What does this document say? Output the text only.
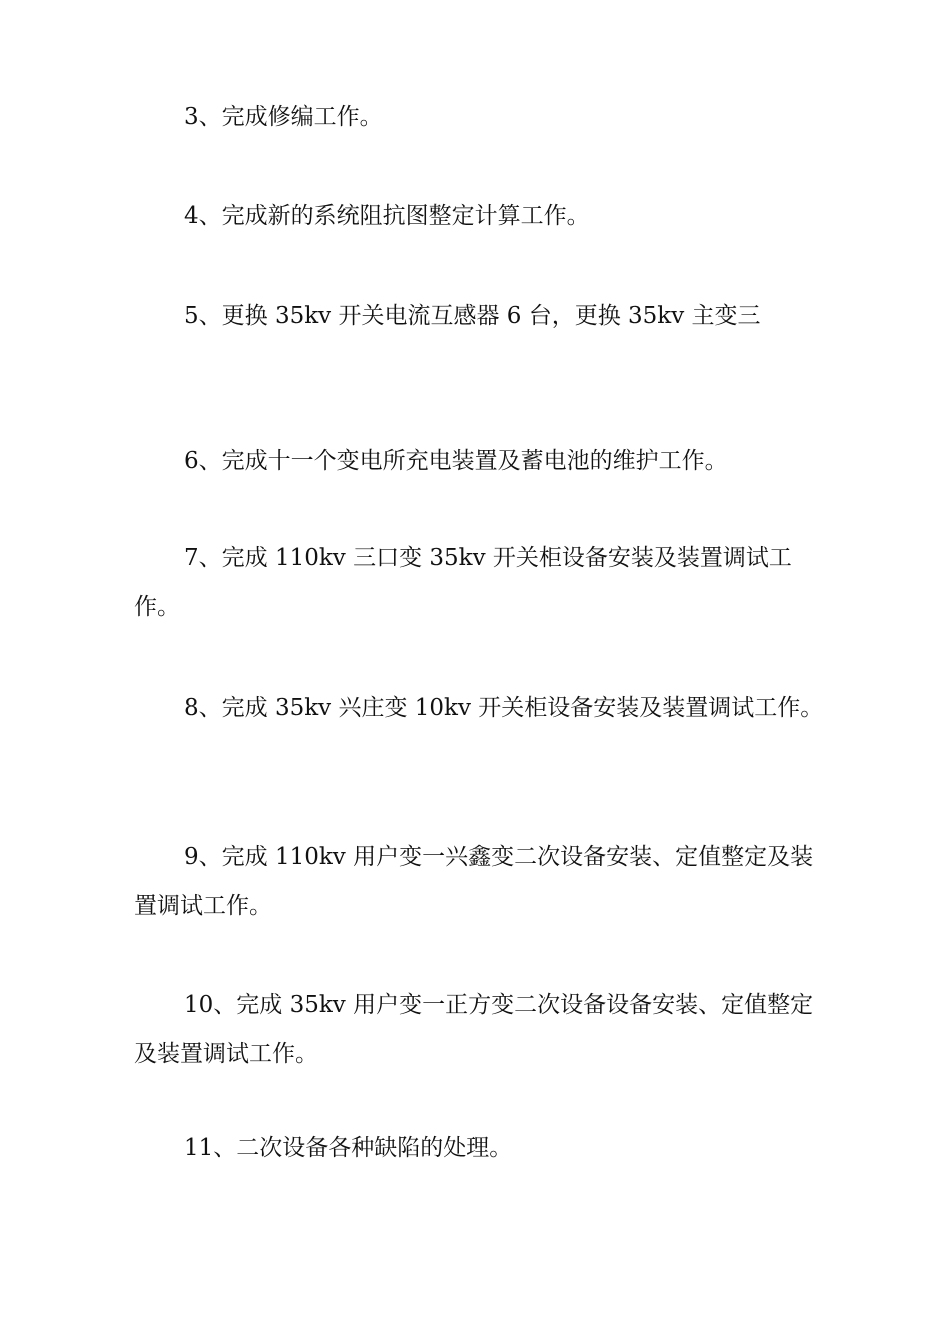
3、完成修编工作。

4、完成新的系统阻抗图整定计算工作。

5、更换 35kv 开关电流互感器 6 台，更换 35kv 主变三

6、完成十一个变电所充电装置及蓄电池的维护工作。

7、完成 110kv 三口变 35kv 开关柜设备安装及装置调试工作。

8、完成 35kv 兴庄变 10kv 开关柜设备安装及装置调试工作。

9、完成 110kv 用户变一兴鑫变二次设备安装、定值整定及装置调试工作。

10、完成 35kv 用户变一正方变二次设备设备安装、定值整定及装置调试工作。

11、二次设备各种缺陷的处理。
